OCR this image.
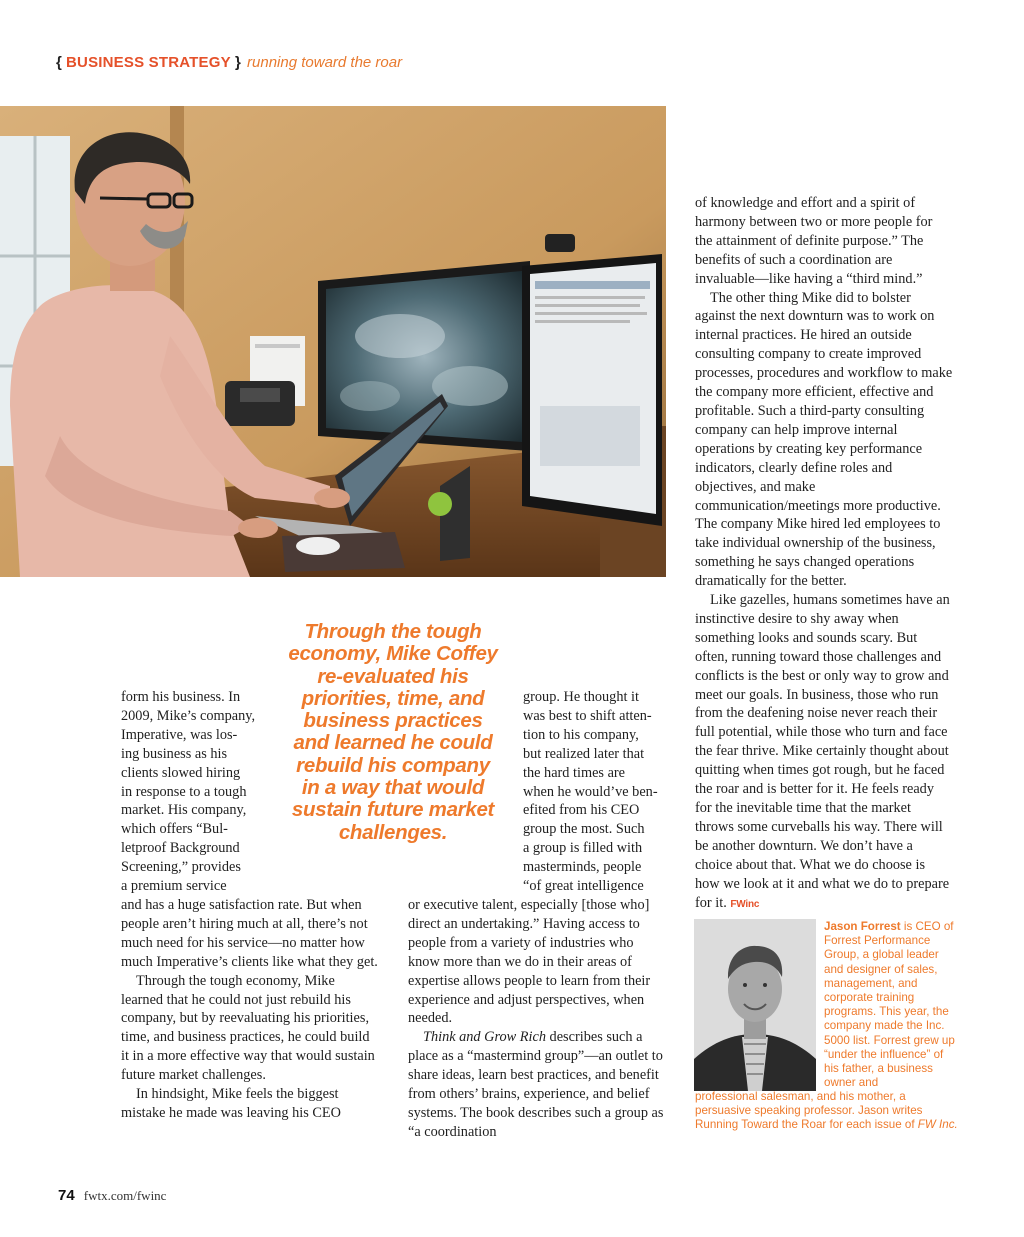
{ BUSINESS STRATEGY } running toward the roar
Through the tough economy, Mike Coffey re-evaluated his priorities, time, and business practices and learned he could rebuild his company in a way that would sustain future market challenges.
form his business. In
2009, Mike’s company,
Imperative, was los-
ing business as his
clients slowed hiring
in response to a tough
market. His company,
which offers “Bul-
letproof Background
Screening,” provides
a premium service

and has a huge satisfaction rate. But when people aren’t hiring much at all, there’s not much need for his service—no matter how much Imperative’s clients like what they get.

Through the tough economy, Mike learned that he could not just rebuild his company, but by reevaluating his priorities, time, and business practices, he could build it in a more effective way that would sustain future market challenges.

In hindsight, Mike feels the biggest mistake he made was leaving his CEO

group. He thought it
was best to shift atten-
tion to his company,
but realized later that
the hard times are
when he would’ve ben-
efited from his CEO
group the most. Such
a group is filled with
masterminds, people
“of great intelligence

or executive talent, especially [those who] direct an undertaking.” Having access to people from a variety of industries who know more than we do in their areas of expertise allows people to learn from their experience and adjust perspectives, when needed.

Think and Grow Rich describes such a place as a “mastermind group”—an outlet to share ideas, learn best practices, and benefit from others’ brains, experience, and belief systems. The book describes such a group as “a coordination

of knowledge and effort and a spirit of harmony between two or more people for the attainment of definite purpose.” The benefits of such a coordination are invaluable—like having a “third mind.”

The other thing Mike did to bolster against the next downturn was to work on internal practices. He hired an outside consulting company to create improved processes, procedures and workflow to make the company more efficient, effective and profitable. Such a third-party consulting company can help improve internal operations by creating key performance indicators, clearly define roles and objectives, and make communication/meetings more productive. The company Mike hired led employees to take individual ownership of the business, something he says changed operations dramatically for the better.

Like gazelles, humans sometimes have an instinctive desire to shy away when something looks and sounds scary. But often, running toward those challenges and conflicts is the best or only way to grow and meet our goals. In business, those who run from the deafening noise never reach their full potential, while those who turn and face the fear thrive. Mike certainly thought about quitting when times got rough, but he faced the roar and is better for it. He feels ready for the inevitable time that the market throws some curveballs his way. There will be another downturn. We don’t have a choice about that. What we do choose is how we look at it and what we do to prepare for it. FWinc

Jason Forrest is CEO of Forrest Performance Group, a global leader and designer of sales, management, and corporate training programs. This year, the company made the Inc. 5000 list. Forrest grew up “under the influence” of his father, a business owner and
professional salesman, and his mother, a persuasive speaking professor. Jason writes Running Toward the Roar for each issue of FW Inc.
74 fwtx.com/fwinc
